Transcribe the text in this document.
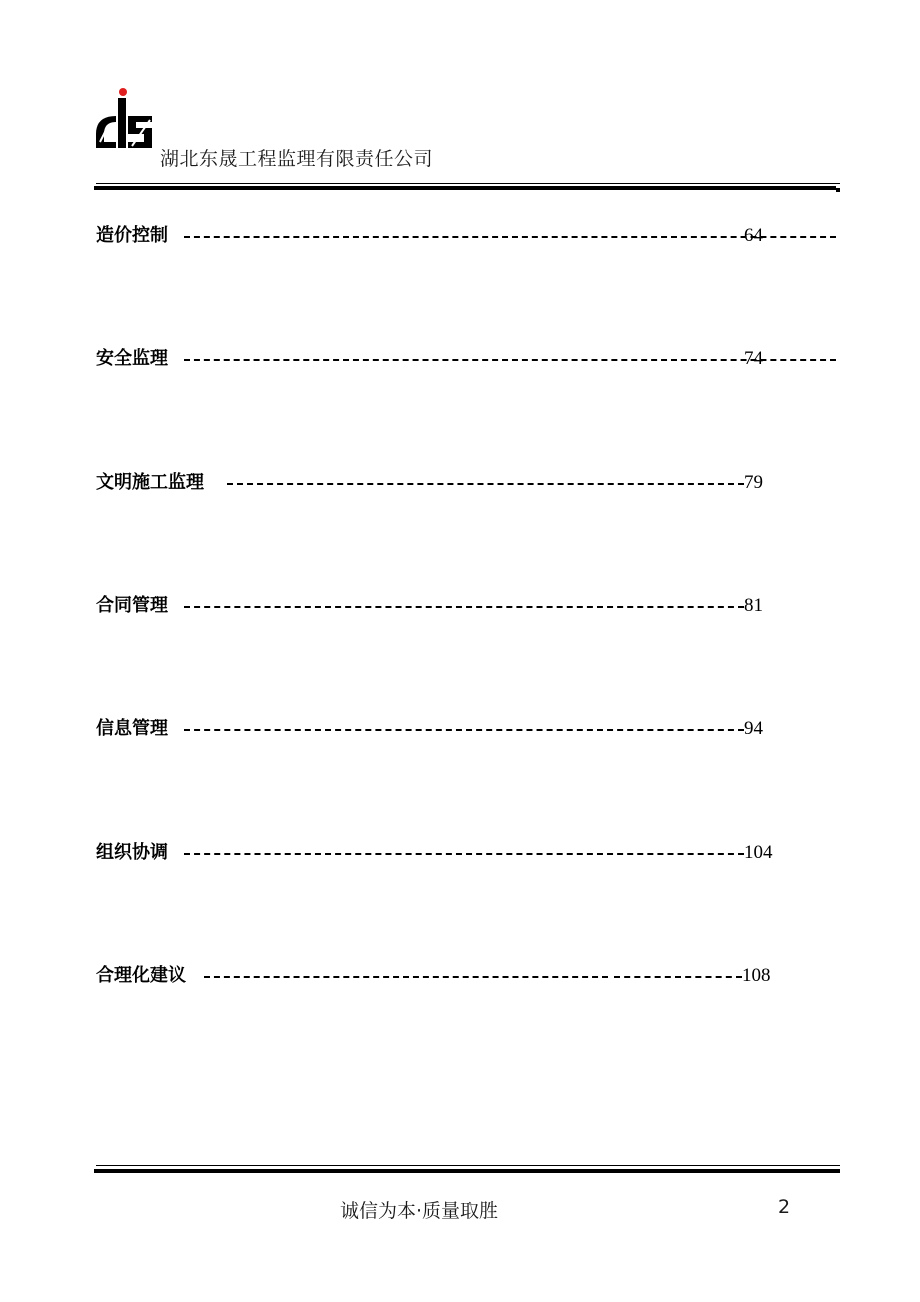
DS 湖北东晟工程监理有限责任公司
造价控制	64
安全监理	74
文明施工监理	79
合同管理	81
信息管理	94
组织协调	104
合理化建议	108
诚信为本·质量取胜	2
